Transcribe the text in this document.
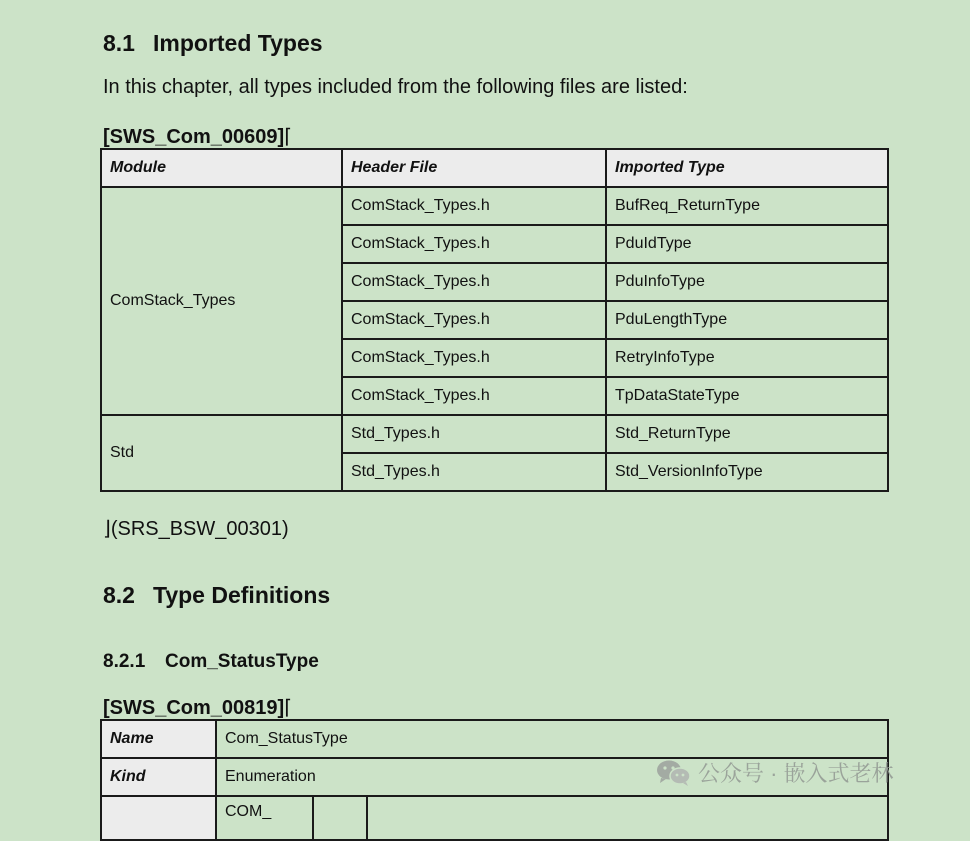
8.1 Imported Types
In this chapter, all types included from the following files are listed:
[SWS_Com_00609]⌈
Module	Header File	Imported Type
ComStack_Types	ComStack_Types.h	BufReq_ReturnType
	ComStack_Types.h	PduIdType
	ComStack_Types.h	PduInfoType
	ComStack_Types.h	PduLengthType
	ComStack_Types.h	RetryInfoType
	ComStack_Types.h	TpDataStateType
Std	Std_Types.h	Std_ReturnType
	Std_Types.h	Std_VersionInfoType
⌋(SRS_BSW_00301)
8.2 Type Definitions
8.2.1 Com_StatusType
[SWS_Com_00819]⌈
Name	Com_StatusType		
Kind	Enumeration		
	COM_		
公众号 · 嵌入式老林
